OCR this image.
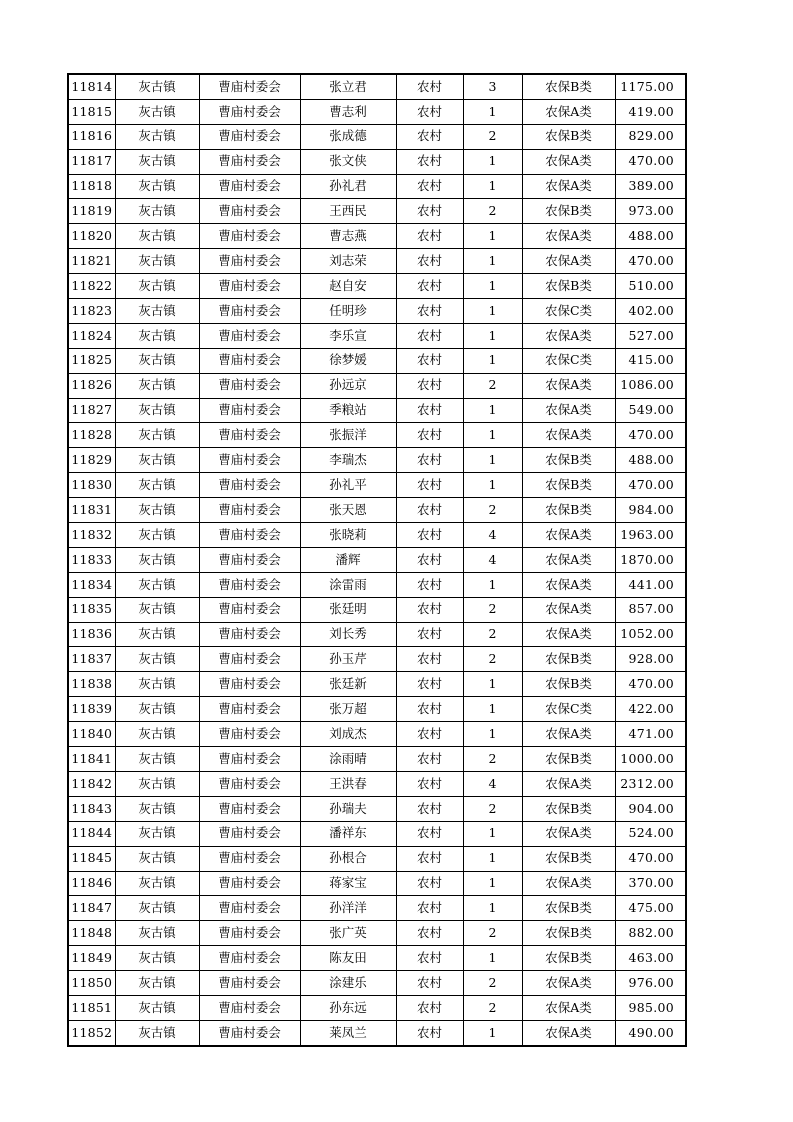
11814	灰古镇	曹庙村委会	张立君	农村	3	农保B类	1175.00
11815	灰古镇	曹庙村委会	曹志利	农村	1	农保A类	419.00
11816	灰古镇	曹庙村委会	张成德	农村	2	农保B类	829.00
11817	灰古镇	曹庙村委会	张文侠	农村	1	农保A类	470.00
11818	灰古镇	曹庙村委会	孙礼君	农村	1	农保A类	389.00
11819	灰古镇	曹庙村委会	王西民	农村	2	农保B类	973.00
11820	灰古镇	曹庙村委会	曹志燕	农村	1	农保A类	488.00
11821	灰古镇	曹庙村委会	刘志荣	农村	1	农保A类	470.00
11822	灰古镇	曹庙村委会	赵自安	农村	1	农保B类	510.00
11823	灰古镇	曹庙村委会	任明珍	农村	1	农保C类	402.00
11824	灰古镇	曹庙村委会	李乐宣	农村	1	农保A类	527.00
11825	灰古镇	曹庙村委会	徐梦媛	农村	1	农保C类	415.00
11826	灰古镇	曹庙村委会	孙远京	农村	2	农保A类	1086.00
11827	灰古镇	曹庙村委会	季粮站	农村	1	农保A类	549.00
11828	灰古镇	曹庙村委会	张振洋	农村	1	农保A类	470.00
11829	灰古镇	曹庙村委会	李瑞杰	农村	1	农保B类	488.00
11830	灰古镇	曹庙村委会	孙礼平	农村	1	农保B类	470.00
11831	灰古镇	曹庙村委会	张天恩	农村	2	农保B类	984.00
11832	灰古镇	曹庙村委会	张晓莉	农村	4	农保A类	1963.00
11833	灰古镇	曹庙村委会	潘辉	农村	4	农保A类	1870.00
11834	灰古镇	曹庙村委会	涂雷雨	农村	1	农保A类	441.00
11835	灰古镇	曹庙村委会	张廷明	农村	2	农保A类	857.00
11836	灰古镇	曹庙村委会	刘长秀	农村	2	农保A类	1052.00
11837	灰古镇	曹庙村委会	孙玉芹	农村	2	农保B类	928.00
11838	灰古镇	曹庙村委会	张廷新	农村	1	农保B类	470.00
11839	灰古镇	曹庙村委会	张万超	农村	1	农保C类	422.00
11840	灰古镇	曹庙村委会	刘成杰	农村	1	农保A类	471.00
11841	灰古镇	曹庙村委会	涂雨晴	农村	2	农保B类	1000.00
11842	灰古镇	曹庙村委会	王洪春	农村	4	农保A类	2312.00
11843	灰古镇	曹庙村委会	孙瑞夫	农村	2	农保B类	904.00
11844	灰古镇	曹庙村委会	潘祥东	农村	1	农保A类	524.00
11845	灰古镇	曹庙村委会	孙根合	农村	1	农保B类	470.00
11846	灰古镇	曹庙村委会	蒋家宝	农村	1	农保A类	370.00
11847	灰古镇	曹庙村委会	孙洋洋	农村	1	农保B类	475.00
11848	灰古镇	曹庙村委会	张广英	农村	2	农保B类	882.00
11849	灰古镇	曹庙村委会	陈友田	农村	1	农保B类	463.00
11850	灰古镇	曹庙村委会	涂建乐	农村	2	农保A类	976.00
11851	灰古镇	曹庙村委会	孙东远	农村	2	农保A类	985.00
11852	灰古镇	曹庙村委会	莱凤兰	农村	1	农保A类	490.00
